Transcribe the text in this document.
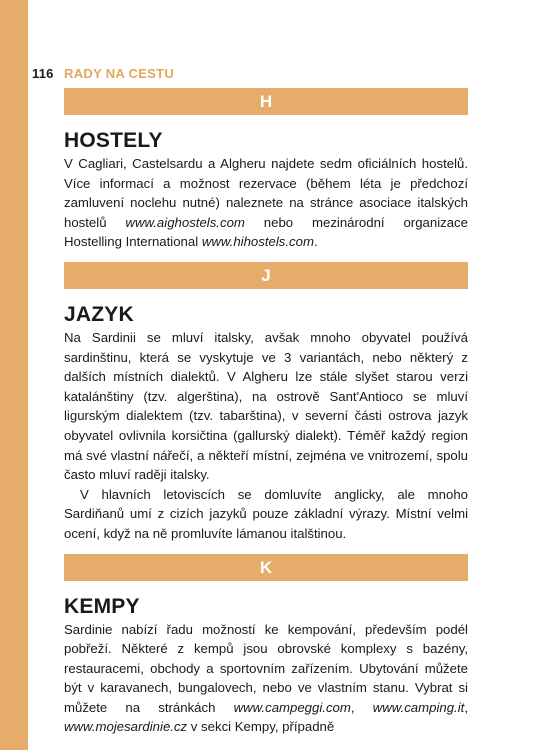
116 RADY NA CESTU
H
HOSTELY

V Cagliari, Castelsardu a Algheru najdete sedm oficiálních hostelů. Více informací a možnost rezervace (během léta je předchozí zamluvení noclehu nutné) naleznete na stránce asociace italských hostelů www.aighostels.com nebo mezinárodní organizace Hostelling International www.hihostels.com.

J
JAZYK

Na Sardinii se mluví italsky, avšak mnoho obyvatel používá sardinštinu, která se vyskytuje ve 3 variantách, nebo některý z dalších místních dialektů. V Algheru lze stále slyšet starou verzi katalánštiny (tzv. algerština), na ostrově Sant'Antioco se mluví ligurským dialektem (tzv. tabarština), v severní části ostrova jazyk obyvatel ovlivnila korsičtina (gallurský dialekt). Téměř každý region má své vlastní nářečí, a někteří místní, zejména ve vnitrozemí, spolu často mluví raději italsky.

V hlavních letoviscích se domluvíte anglicky, ale mnoho Sardiňanů umí z cizích jazyků pouze základní výrazy. Místní velmi ocení, když na ně promluvíte lámanou italštinou.

K
KEMPY

Sardinie nabízí řadu možností ke kempování, především podél pobřeží. Některé z kempů jsou obrovské komplexy s bazény, restauracemi, obchody a sportovním zařízením. Ubytování můžete být v karavanech, bungalovech, nebo ve vlastním stanu. Vybrat si můžete na stránkách www.campeggi.com, www.camping.it, www.mojesardinie.cz v sekci Kempy, případně
